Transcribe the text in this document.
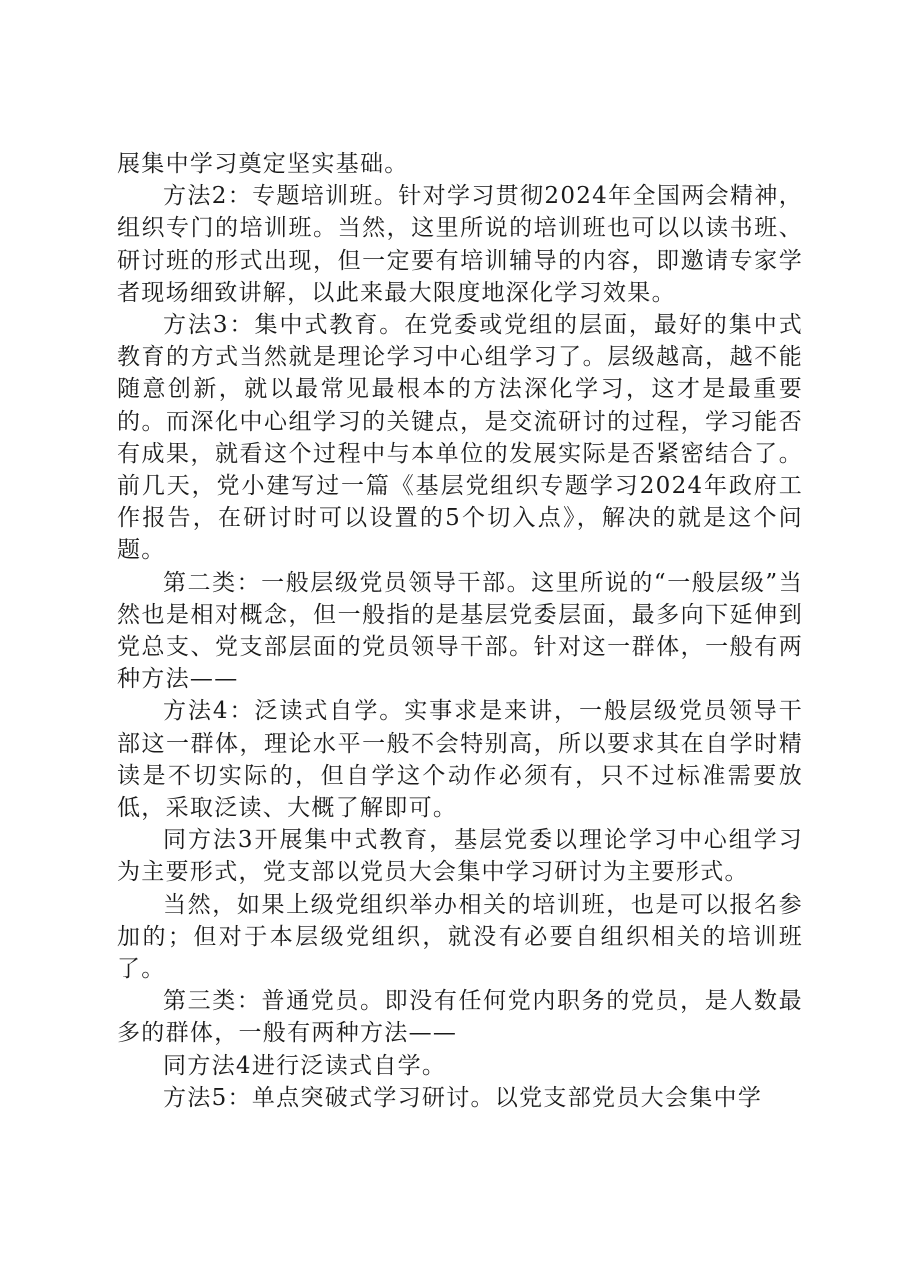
展集中学习奠定坚实基础。

方法2：专题培训班。针对学习贯彻2024年全国两会精神，组织专门的培训班。当然，这里所说的培训班也可以以读书班、研讨班的形式出现，但一定要有培训辅导的内容，即邀请专家学者现场细致讲解，以此来最大限度地深化学习效果。

方法3：集中式教育。在党委或党组的层面，最好的集中式教育的方式当然就是理论学习中心组学习了。层级越高，越不能随意创新，就以最常见最根本的方法深化学习，这才是最重要的。而深化中心组学习的关键点，是交流研讨的过程，学习能否有成果，就看这个过程中与本单位的发展实际是否紧密结合了。前几天，党小建写过一篇《基层党组织专题学习2024年政府工作报告，在研讨时可以设置的5个切入点》，解决的就是这个问题。

第二类：一般层级党员领导干部。这里所说的“一般层级”当然也是相对概念，但一般指的是基层党委层面，最多向下延伸到党总支、党支部层面的党员领导干部。针对这一群体，一般有两种方法——

方法4：泛读式自学。实事求是来讲，一般层级党员领导干部这一群体，理论水平一般不会特别高，所以要求其在自学时精读是不切实际的，但自学这个动作必须有，只不过标准需要放低，采取泛读、大概了解即可。

同方法3开展集中式教育，基层党委以理论学习中心组学习为主要形式，党支部以党员大会集中学习研讨为主要形式。

当然，如果上级党组织举办相关的培训班，也是可以报名参加的；但对于本层级党组织，就没有必要自组织相关的培训班了。

第三类：普通党员。即没有任何党内职务的党员，是人数最多的群体，一般有两种方法——

同方法4进行泛读式自学。

方法5：单点突破式学习研讨。以党支部党员大会集中学
